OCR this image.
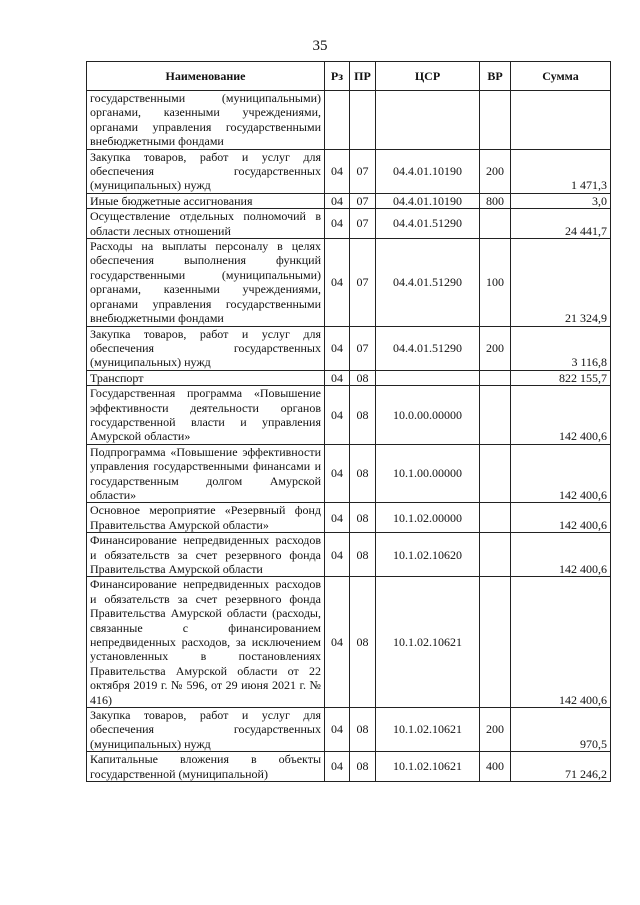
35
Наименование	Рз	ПР	ЦСР	ВР	Сумма
государственными (муниципальными) органами, казенными учреждениями, органами управления государственными внебюджетными фондами					
Закупка товаров, работ и услуг для обеспечения государственных (муниципальных) нужд	04	07	04.4.01.10190	200	1 471,3
Иные бюджетные ассигнования	04	07	04.4.01.10190	800	3,0
Осуществление отдельных полномочий в области лесных отношений	04	07	04.4.01.51290		24 441,7
Расходы на выплаты персоналу в целях обеспечения выполнения функций государственными (муниципальными) органами, казенными учреждениями, органами управления государственными внебюджетными фондами	04	07	04.4.01.51290	100	21 324,9
Закупка товаров, работ и услуг для обеспечения государственных (муниципальных) нужд	04	07	04.4.01.51290	200	3 116,8
Транспорт	04	08			822 155,7
Государственная программа «Повышение эффективности деятельности органов государственной власти и управления Амурской области»	04	08	10.0.00.00000		142 400,6
Подпрограмма «Повышение эффективности управления государственными финансами и государственным долгом Амурской области»	04	08	10.1.00.00000		142 400,6
Основное мероприятие «Резервный фонд Правительства Амурской области»	04	08	10.1.02.00000		142 400,6
Финансирование непредвиденных расходов и обязательств за счет резервного фонда Правительства Амурской области	04	08	10.1.02.10620		142 400,6
Финансирование непредвиденных расходов и обязательств за счет резервного фонда Правительства Амурской области (расходы, связанные с финансированием непредвиденных расходов, за исключением установленных в постановлениях Правительства Амурской области от 22 октября 2019 г. № 596, от 29 июня 2021 г. № 416)	04	08	10.1.02.10621		142 400,6
Закупка товаров, работ и услуг для обеспечения государственных (муниципальных) нужд	04	08	10.1.02.10621	200	970,5
Капитальные вложения в объекты государственной (муниципальной)	04	08	10.1.02.10621	400	71 246,2
